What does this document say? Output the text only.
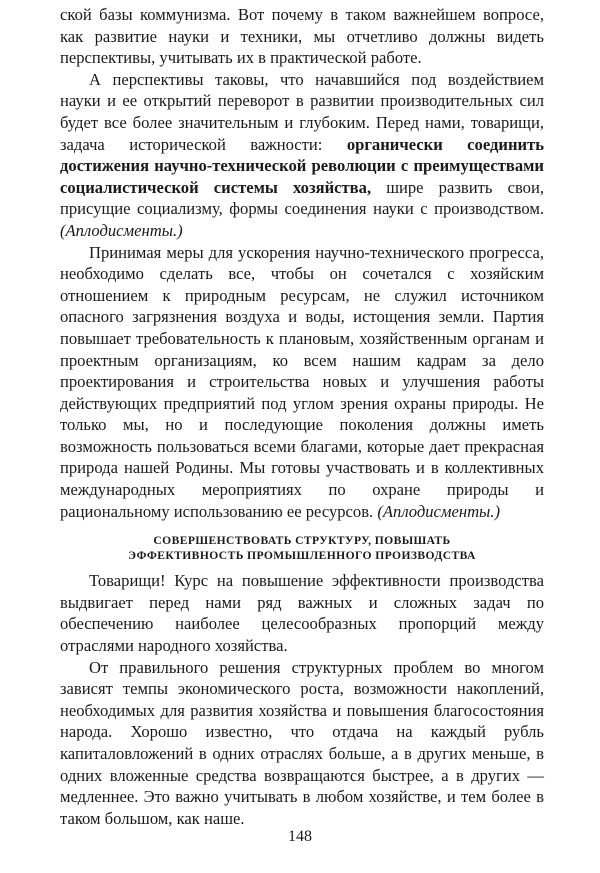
ской базы коммунизма. Вот почему в таком важнейшем вопросе, как развитие науки и техники, мы отчетливо должны видеть перспективы, учитывать их в практической работе.

А перспективы таковы, что начавшийся под воздействием науки и ее открытий переворот в развитии производительных сил будет все более значительным и глубоким. Перед нами, товарищи, задача исторической важности: органически соединить достижения научно-технической революции с преимуществами социалистической системы хозяйства, шире развить свои, присущие социализму, формы соединения науки с производством. (Аплодисменты.)

Принимая меры для ускорения научно-технического прогресса, необходимо сделать все, чтобы он сочетался с хозяйским отношением к природным ресурсам, не служил источником опасного загрязнения воздуха и воды, истощения земли. Партия повышает требовательность к плановым, хозяйственным органам и проектным организациям, ко всем нашим кадрам за дело проектирования и строительства новых и улучшения работы действующих предприятий под углом зрения охраны природы. Не только мы, но и последующие поколения должны иметь возможность пользоваться всеми благами, которые дает прекрасная природа нашей Родины. Мы готовы участвовать и в коллективных международных мероприятиях по охране природы и рациональному использованию ее ресурсов. (Аплодисменты.)

СОВЕРШЕНСТВОВАТЬ СТРУКТУРУ, ПОВЫШАТЬ
ЭФФЕКТИВНОСТЬ ПРОМЫШЛЕННОГО ПРОИЗВОДСТВА

Товарищи! Курс на повышение эффективности производства выдвигает перед нами ряд важных и сложных задач по обеспечению наиболее целесообразных пропорций между отраслями народного хозяйства.

От правильного решения структурных проблем во многом зависят темпы экономического роста, возможности накоплений, необходимых для развития хозяйства и повышения благосостояния народа. Хорошо известно, что отдача на каждый рубль капиталовложений в одних отраслях больше, а в других меньше, в одних вложенные средства возвращаются быстрее, а в других — медленнее. Это важно учитывать в любом хозяйстве, и тем более в таком большом, как наше.

148
